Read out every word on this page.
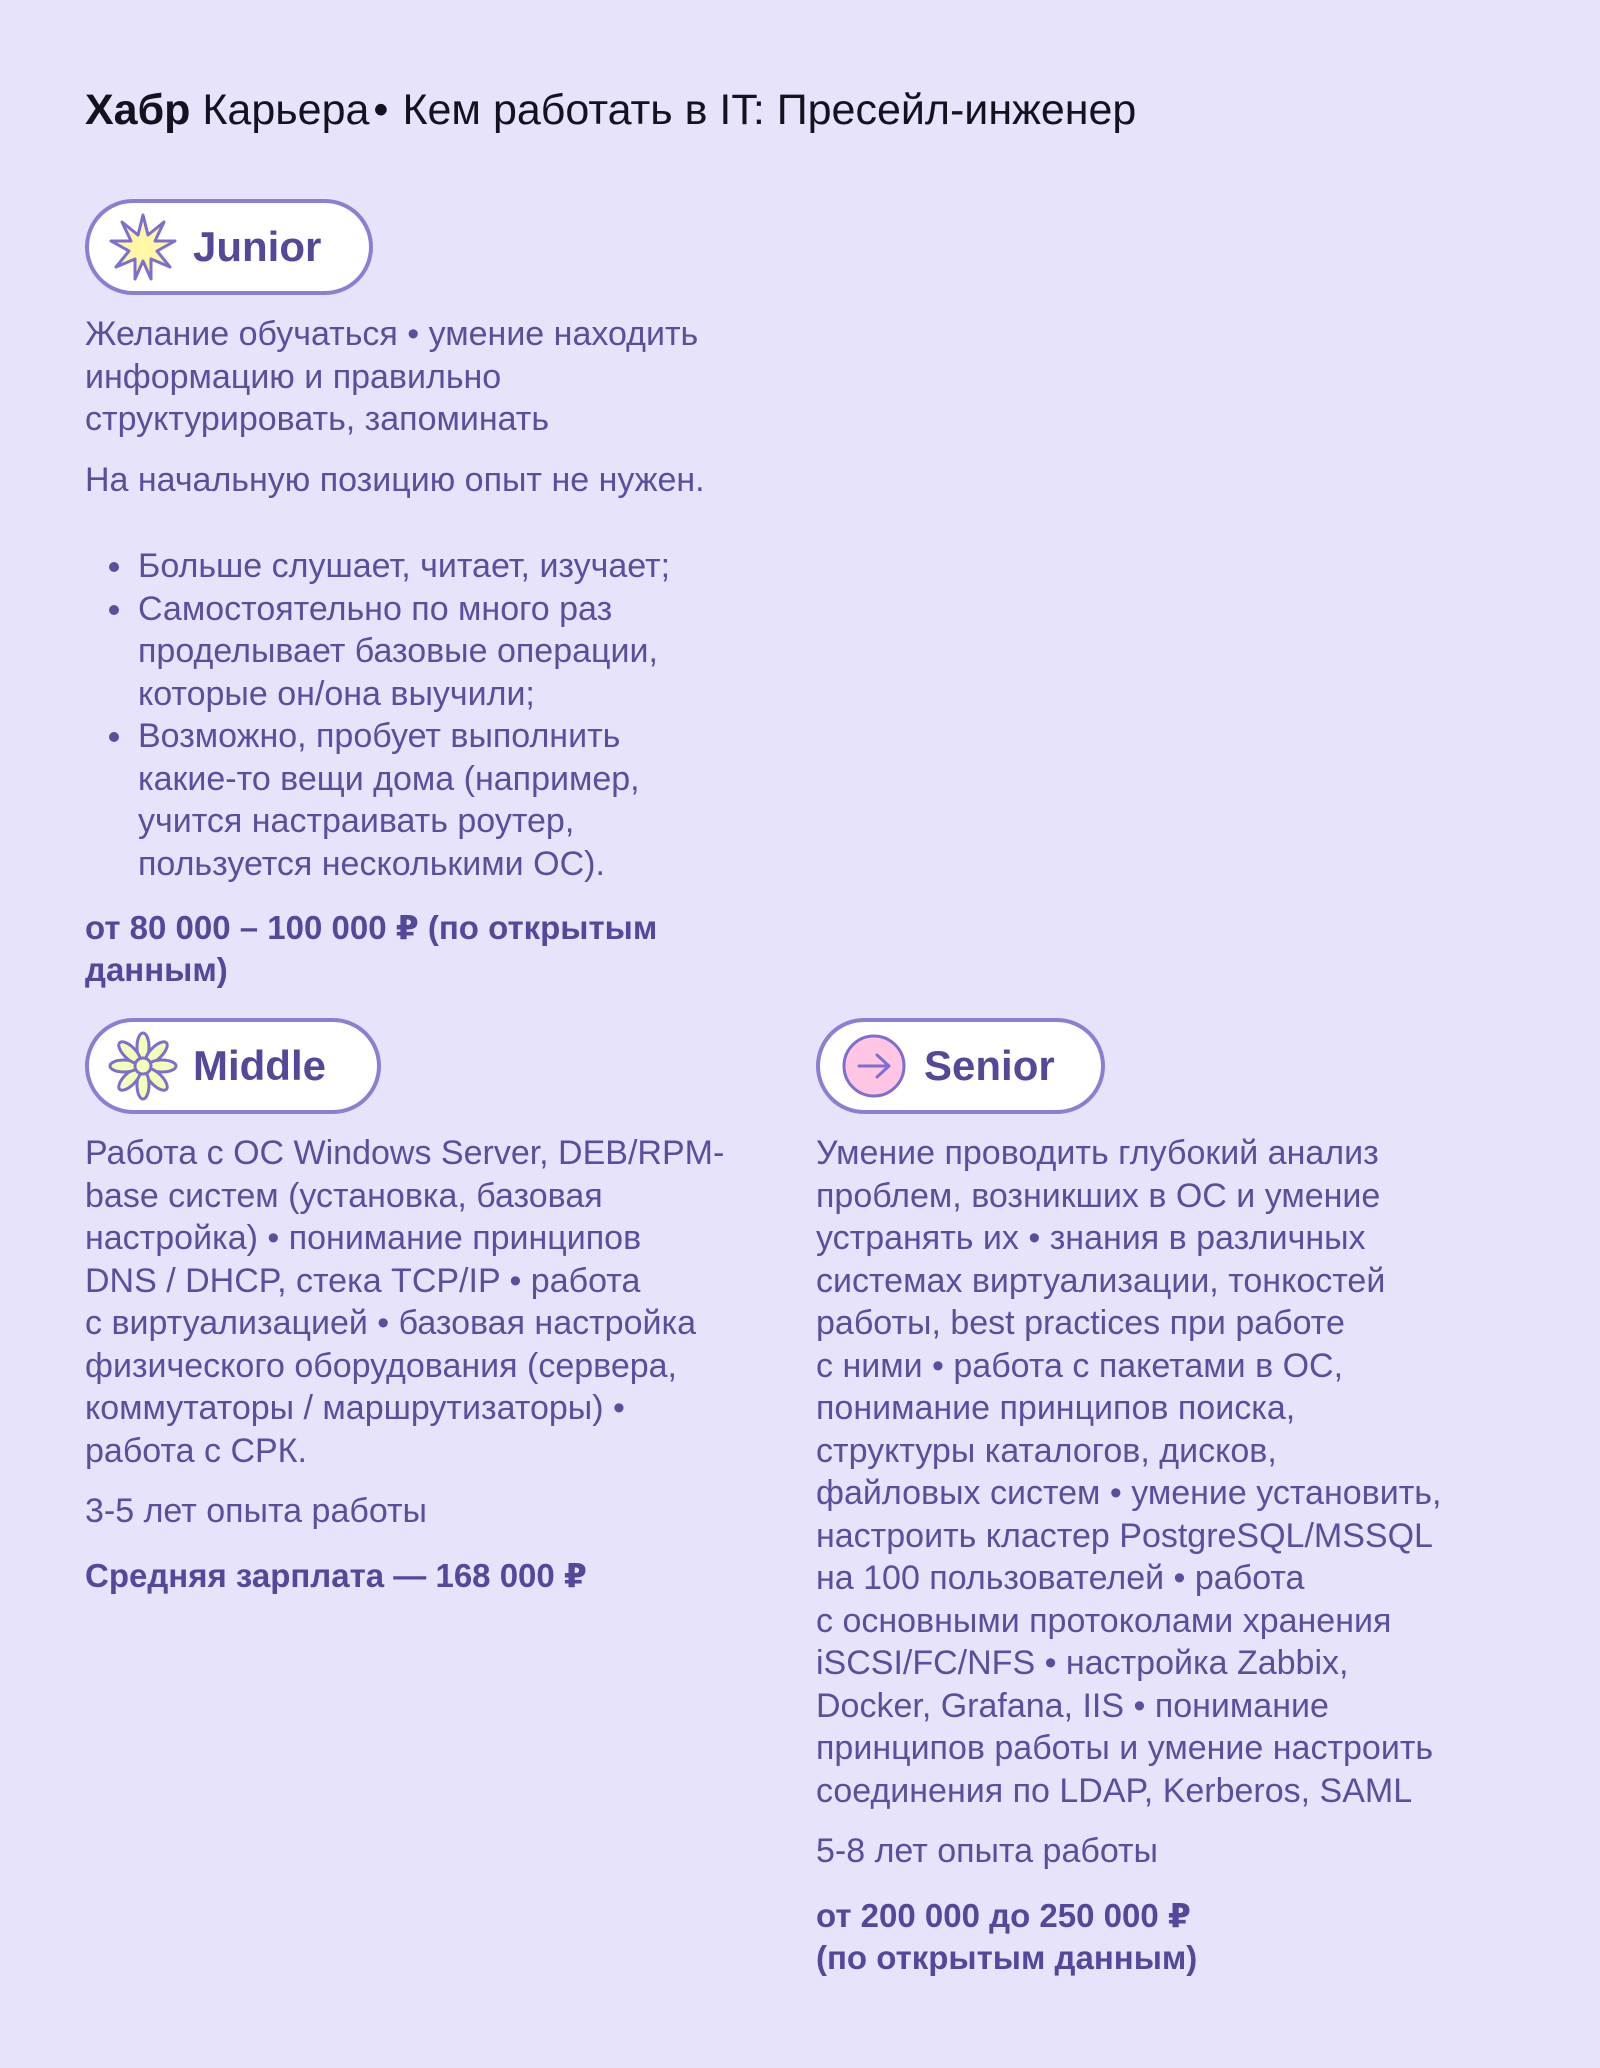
Хабр Карьера• Кем работать в IT: Пресейл-инженер
Junior

Желание обучаться • умение находить

информацию и правильно

структурировать, запоминать

На начальную позицию опыт не нужен.

• Больше слушает, читает, изучает;
• Самостоятельно по много раз
проделывает базовые операции,
которые он/она выучили;
• Возможно, пробует выполнить
какие-то вещи дома (например,
учится настраивать роутер,
пользуется несколькими ОС).

от 80 000 – 100 000 ₽ (по открытым данным)

Middle

Работа с ОС Windows Server, DEB/RPM-

base систем (установка, базовая

настройка) • понимание принципов

DNS / DHCP, стека TCP/IP • работа

с виртуализацией • базовая настройка

физического оборудования (сервера,

коммутаторы / маршрутизаторы) •

работа с СРК.

3-5 лет опыта работы

Средняя зарплата — 168 000 ₽

Senior

Умение проводить глубокий анализ

проблем, возникших в ОС и умение

устранять их • знания в различных

системах виртуализации, тонкостей

работы, best practices при работе

с ними • работа с пакетами в ОС,

понимание принципов поиска,

структуры каталогов, дисков,

файловых систем • умение установить,

настроить кластер PostgreSQL/MSSQL

на 100 пользователей • работа

с основными протоколами хранения

iSCSI/FC/NFS • настройка Zabbix,

Docker, Grafana, IIS • понимание

принципов работы и умение настроить

соединения по LDAP, Kerberos, SAML

5-8 лет опыта работы

от 200 000 до 250 000 ₽

(по открытым данным)
